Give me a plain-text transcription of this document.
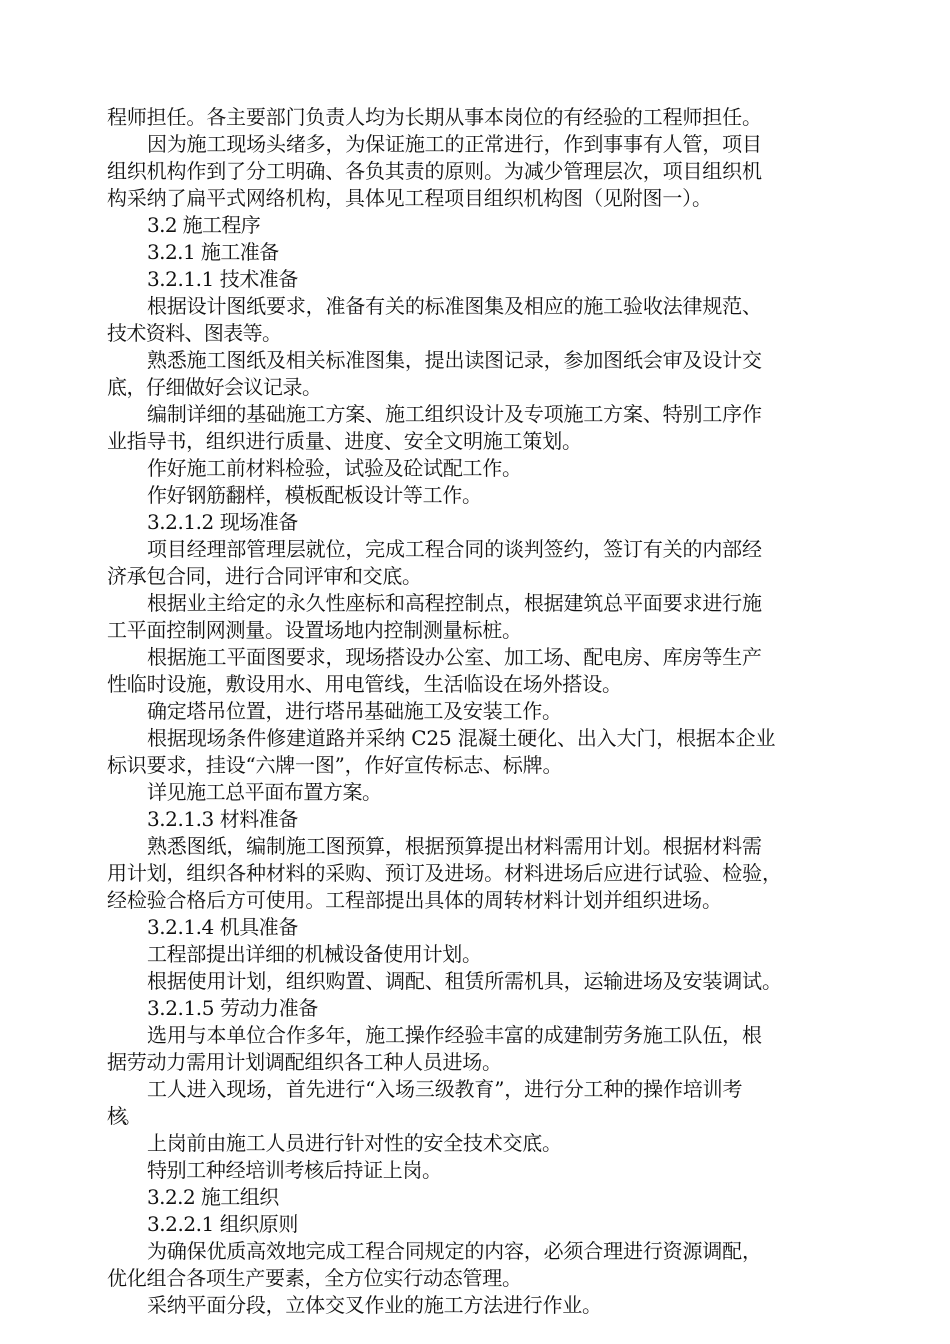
程师担任。各主要部门负责人均为长期从事本岗位的有经验的工程师担任。
因为施工现场头绪多，为保证施工的正常进行，作到事事有人管，项目
组织机构作到了分工明确、各负其责的原则。为减少管理层次，项目组织机
构采纳了扁平式网络机构，具体见工程项目组织机构图（见附图一）。
3.2 施工程序
3.2.1 施工准备
3.2.1.1 技术准备
根据设计图纸要求，准备有关的标准图集及相应的施工验收法律规范、
技术资料、图表等。
熟悉施工图纸及相关标准图集，提出读图记录，参加图纸会审及设计交
底，仔细做好会议记录。
编制详细的基础施工方案、施工组织设计及专项施工方案、特别工序作
业指导书，组织进行质量、进度、安全文明施工策划。
作好施工前材料检验，试验及砼试配工作。
作好钢筋翻样，模板配板设计等工作。
3.2.1.2 现场准备
项目经理部管理层就位，完成工程合同的谈判签约，签订有关的内部经
济承包合同，进行合同评审和交底。
根据业主给定的永久性座标和高程控制点，根据建筑总平面要求进行施
工平面控制网测量。设置场地内控制测量标桩。
根据施工平面图要求，现场搭设办公室、加工场、配电房、库房等生产
性临时设施，敷设用水、用电管线，生活临设在场外搭设。
确定塔吊位置，进行塔吊基础施工及安装工作。
根据现场条件修建道路并采纳 C25 混凝土硬化、出入大门，根据本企业
标识要求，挂设“六牌一图”，作好宣传标志、标牌。
详见施工总平面布置方案。
3.2.1.3 材料准备
熟悉图纸，编制施工图预算，根据预算提出材料需用计划。根据材料需
用计划，组织各种材料的采购、预订及进场。材料进场后应进行试验、检验，
经检验合格后方可使用。工程部提出具体的周转材料计划并组织进场。
3.2.1.4 机具准备
工程部提出详细的机械设备使用计划。
根据使用计划，组织购置、调配、租赁所需机具，运输进场及安装调试。
3.2.1.5 劳动力准备
选用与本单位合作多年，施工操作经验丰富的成建制劳务施工队伍，根
据劳动力需用计划调配组织各工种人员进场。
工人进入现场，首先进行“入场三级教育”，进行分工种的操作培训考
核。
上岗前由施工人员进行针对性的安全技术交底。
特别工种经培训考核后持证上岗。
3.2.2 施工组织
3.2.2.1 组织原则
为确保优质高效地完成工程合同规定的内容，必须合理进行资源调配，
优化组合各项生产要素，全方位实行动态管理。
采纳平面分段，立体交叉作业的施工方法进行作业。
